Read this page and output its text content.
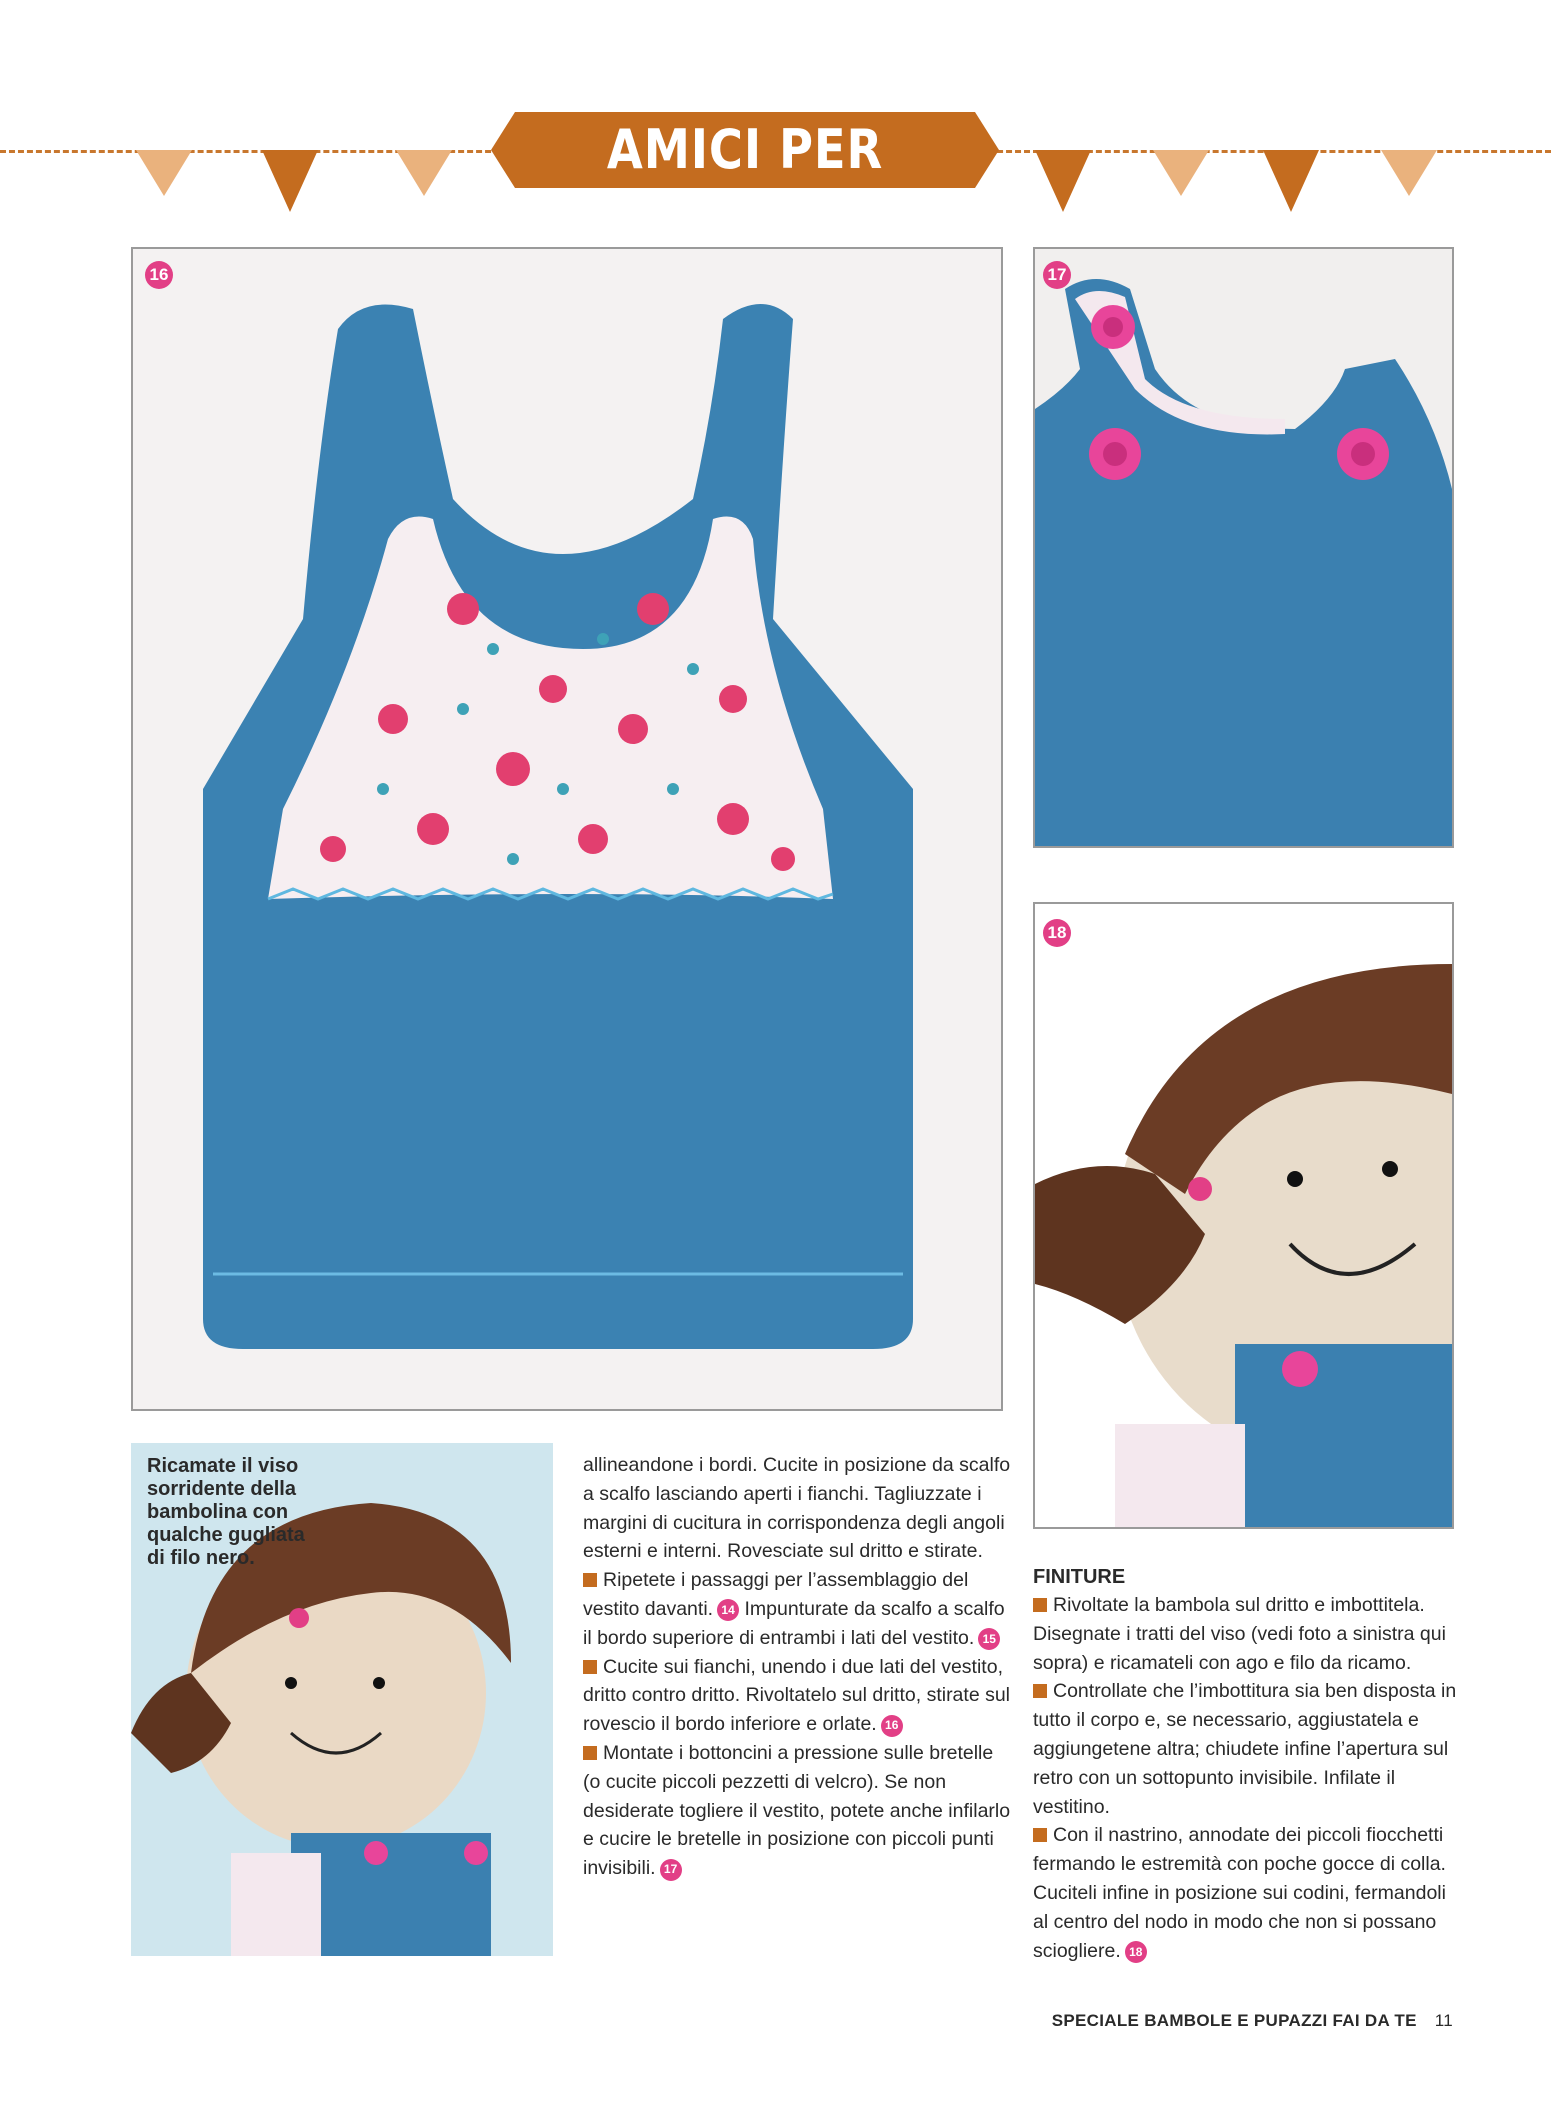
AMICI PER SEMPRE
16	17
18
Ricamate il viso
sorridente della
bambolina con
qualche gugliata
di filo nero.

allineandone i bordi. Cucite in posizione da scalfo a scalfo lasciando aperti i fianchi. Tagliuzzate i margini di cucitura in corrispondenza degli angoli esterni e interni. Rovesciate sul dritto e stirate.

Ripetete i passaggi per l’assemblaggio del vestito davanti. 14 Impunturate da scalfo a scalfo il bordo superiore di entrambi i lati del vestito. 15

Cucite sui fianchi, unendo i due lati del vestito, dritto contro dritto. Rivoltatelo sul dritto, stirate sul rovescio il bordo inferiore e orlate. 16

Montate i bottoncini a pressione sulle bretelle (o cucite piccoli pezzetti di velcro). Se non desiderate togliere il vestito, potete anche infilarlo e cucire le bretelle in posizione con piccoli punti invisibili. 17

FINITURE

Rivoltate la bambola sul dritto e imbottitela. Disegnate i tratti del viso (vedi foto a sinistra qui sopra) e ricamateli con ago e filo da ricamo.

Controllate che l’imbottitura sia ben disposta in tutto il corpo e, se necessario, aggiustatela e aggiungetene altra; chiudete infine l’apertura sul retro con un sottopunto invisibile. Infilate il vestitino.

Con il nastrino, annodate dei piccoli fiocchetti fermando le estremità con poche gocce di colla. Cuciteli infine in posizione sui codini, fermandoli al centro del nodo in modo che non si possano sciogliere. 18

SPECIALE BAMBOLE E PUPAZZI FAI DA TE 11
